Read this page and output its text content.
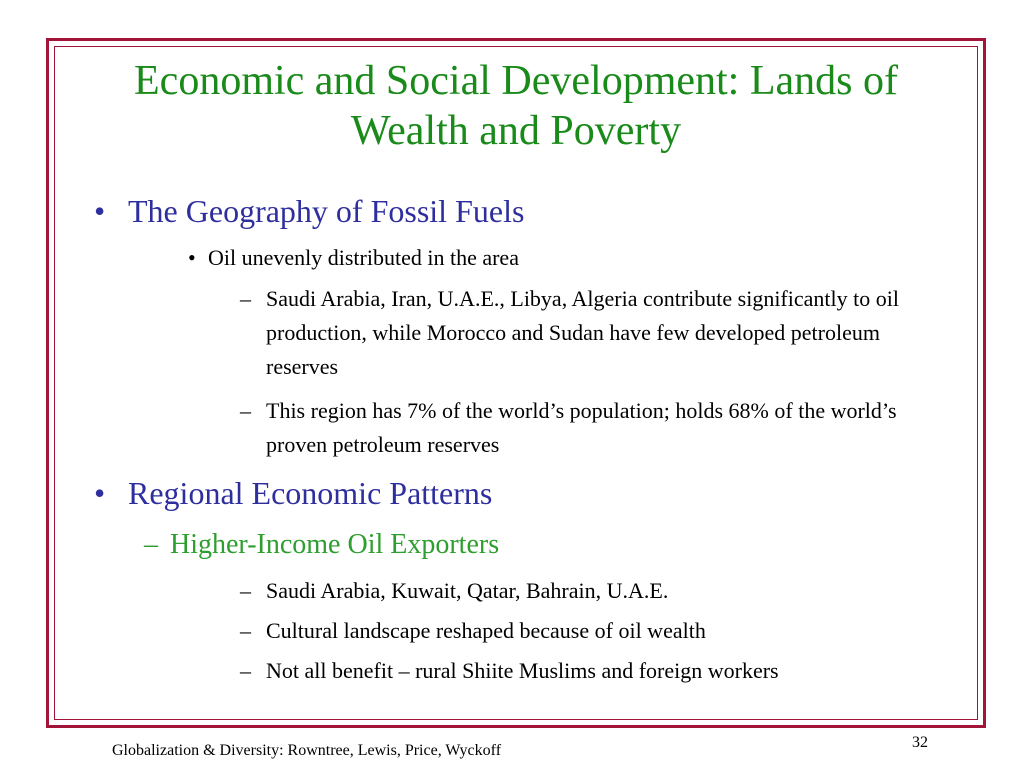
Economic and Social Development: Lands of
Wealth and Poverty
• The Geography of Fossil Fuels
• Oil unevenly distributed in the area
– Saudi Arabia, Iran, U.A.E., Libya, Algeria contribute significantly to oil production, while Morocco and Sudan have few developed petroleum reserves
– This region has 7% of the world’s population; holds 68% of the world’s proven petroleum reserves
• Regional Economic Patterns
– Higher-Income Oil Exporters
– Saudi Arabia, Kuwait, Qatar, Bahrain, U.A.E.
– Cultural landscape reshaped because of oil wealth
– Not all benefit – rural Shiite Muslims and foreign workers
Globalization & Diversity: Rowntree, Lewis, Price, Wyckoff	32
